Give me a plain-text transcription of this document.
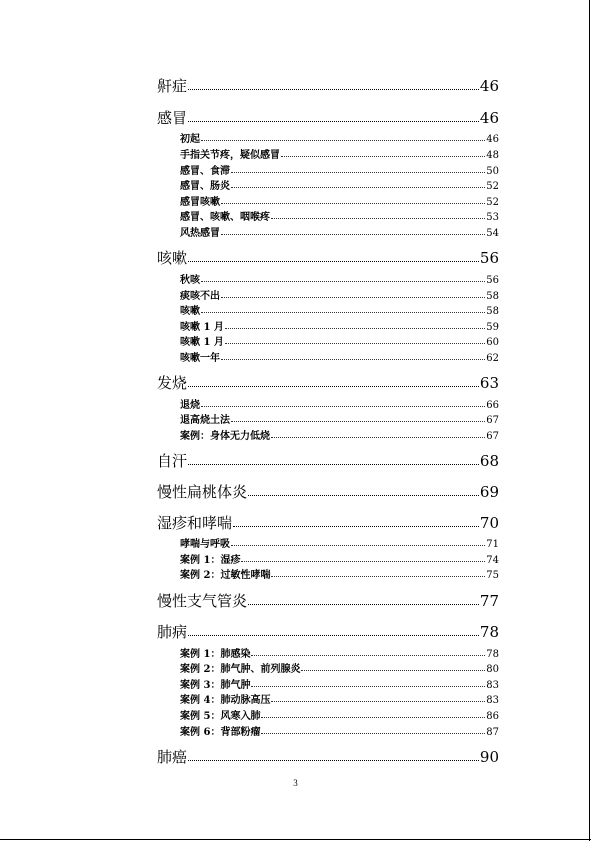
鼾症	46
感冒	46
初起	46
手指关节疼，疑似感冒	48
感冒、食滞	50
感冒、肠炎	52
感冒咳嗽	52
感冒、咳嗽、咽喉疼	53
风热感冒	54
咳嗽	56
秋咳	56
痰咳不出	58
咳嗽	58
咳嗽 1 月	59
咳嗽 1 月	60
咳嗽一年	62
发烧	63
退烧	66
退高烧土法	67
案例：身体无力低烧	67
自汗	68
慢性扁桃体炎	69
湿疹和哮喘	70
哮喘与呼吸	71
案例 1：湿疹	74
案例 2：过敏性哮喘	75
慢性支气管炎	77
肺病	78
案例 1：肺感染	78
案例 2：肺气肿、前列腺炎	80
案例 3：肺气肿	83
案例 4：肺动脉高压	83
案例 5：风寒入肺	86
案例 6：背部粉瘤	87
肺癌	90
3
